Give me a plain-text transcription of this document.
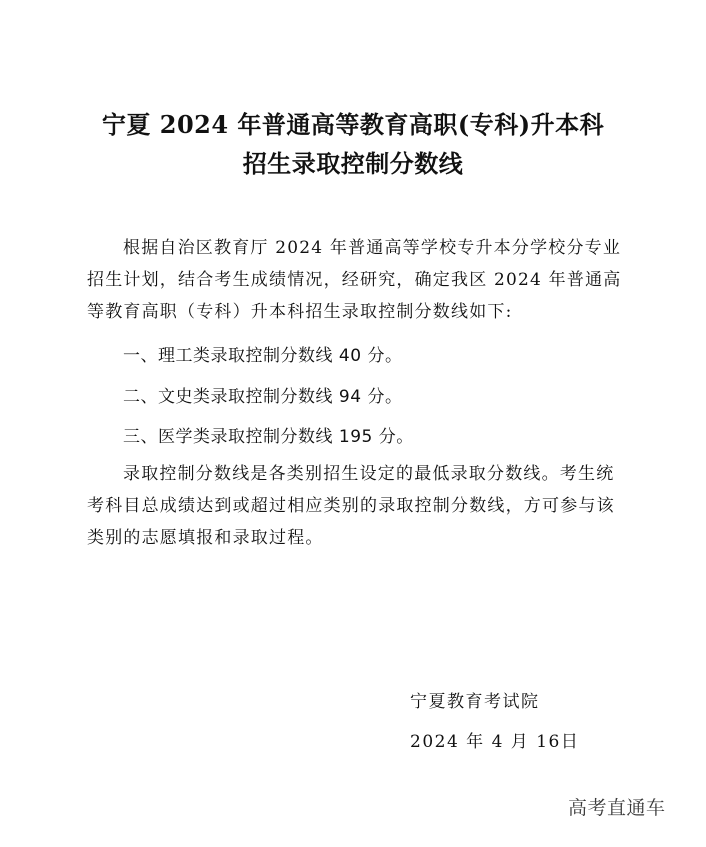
宁夏 2024 年普通高等教育高职(专科)升本科
招生录取控制分数线
根据自治区教育厅 2024 年普通高等学校专升本分学校分专业招生计划，结合考生成绩情况，经研究，确定我区 2024 年普通高等教育高职（专科）升本科招生录取控制分数线如下:
一、理工类录取控制分数线 40 分。
二、文史类录取控制分数线 94 分。
三、医学类录取控制分数线 195 分。
录取控制分数线是各类别招生设定的最低录取分数线。考生统考科目总成绩达到或超过相应类别的录取控制分数线，方可参与该类别的志愿填报和录取过程。
宁夏教育考试院
2024 年 4 月 16日
高考直通车
